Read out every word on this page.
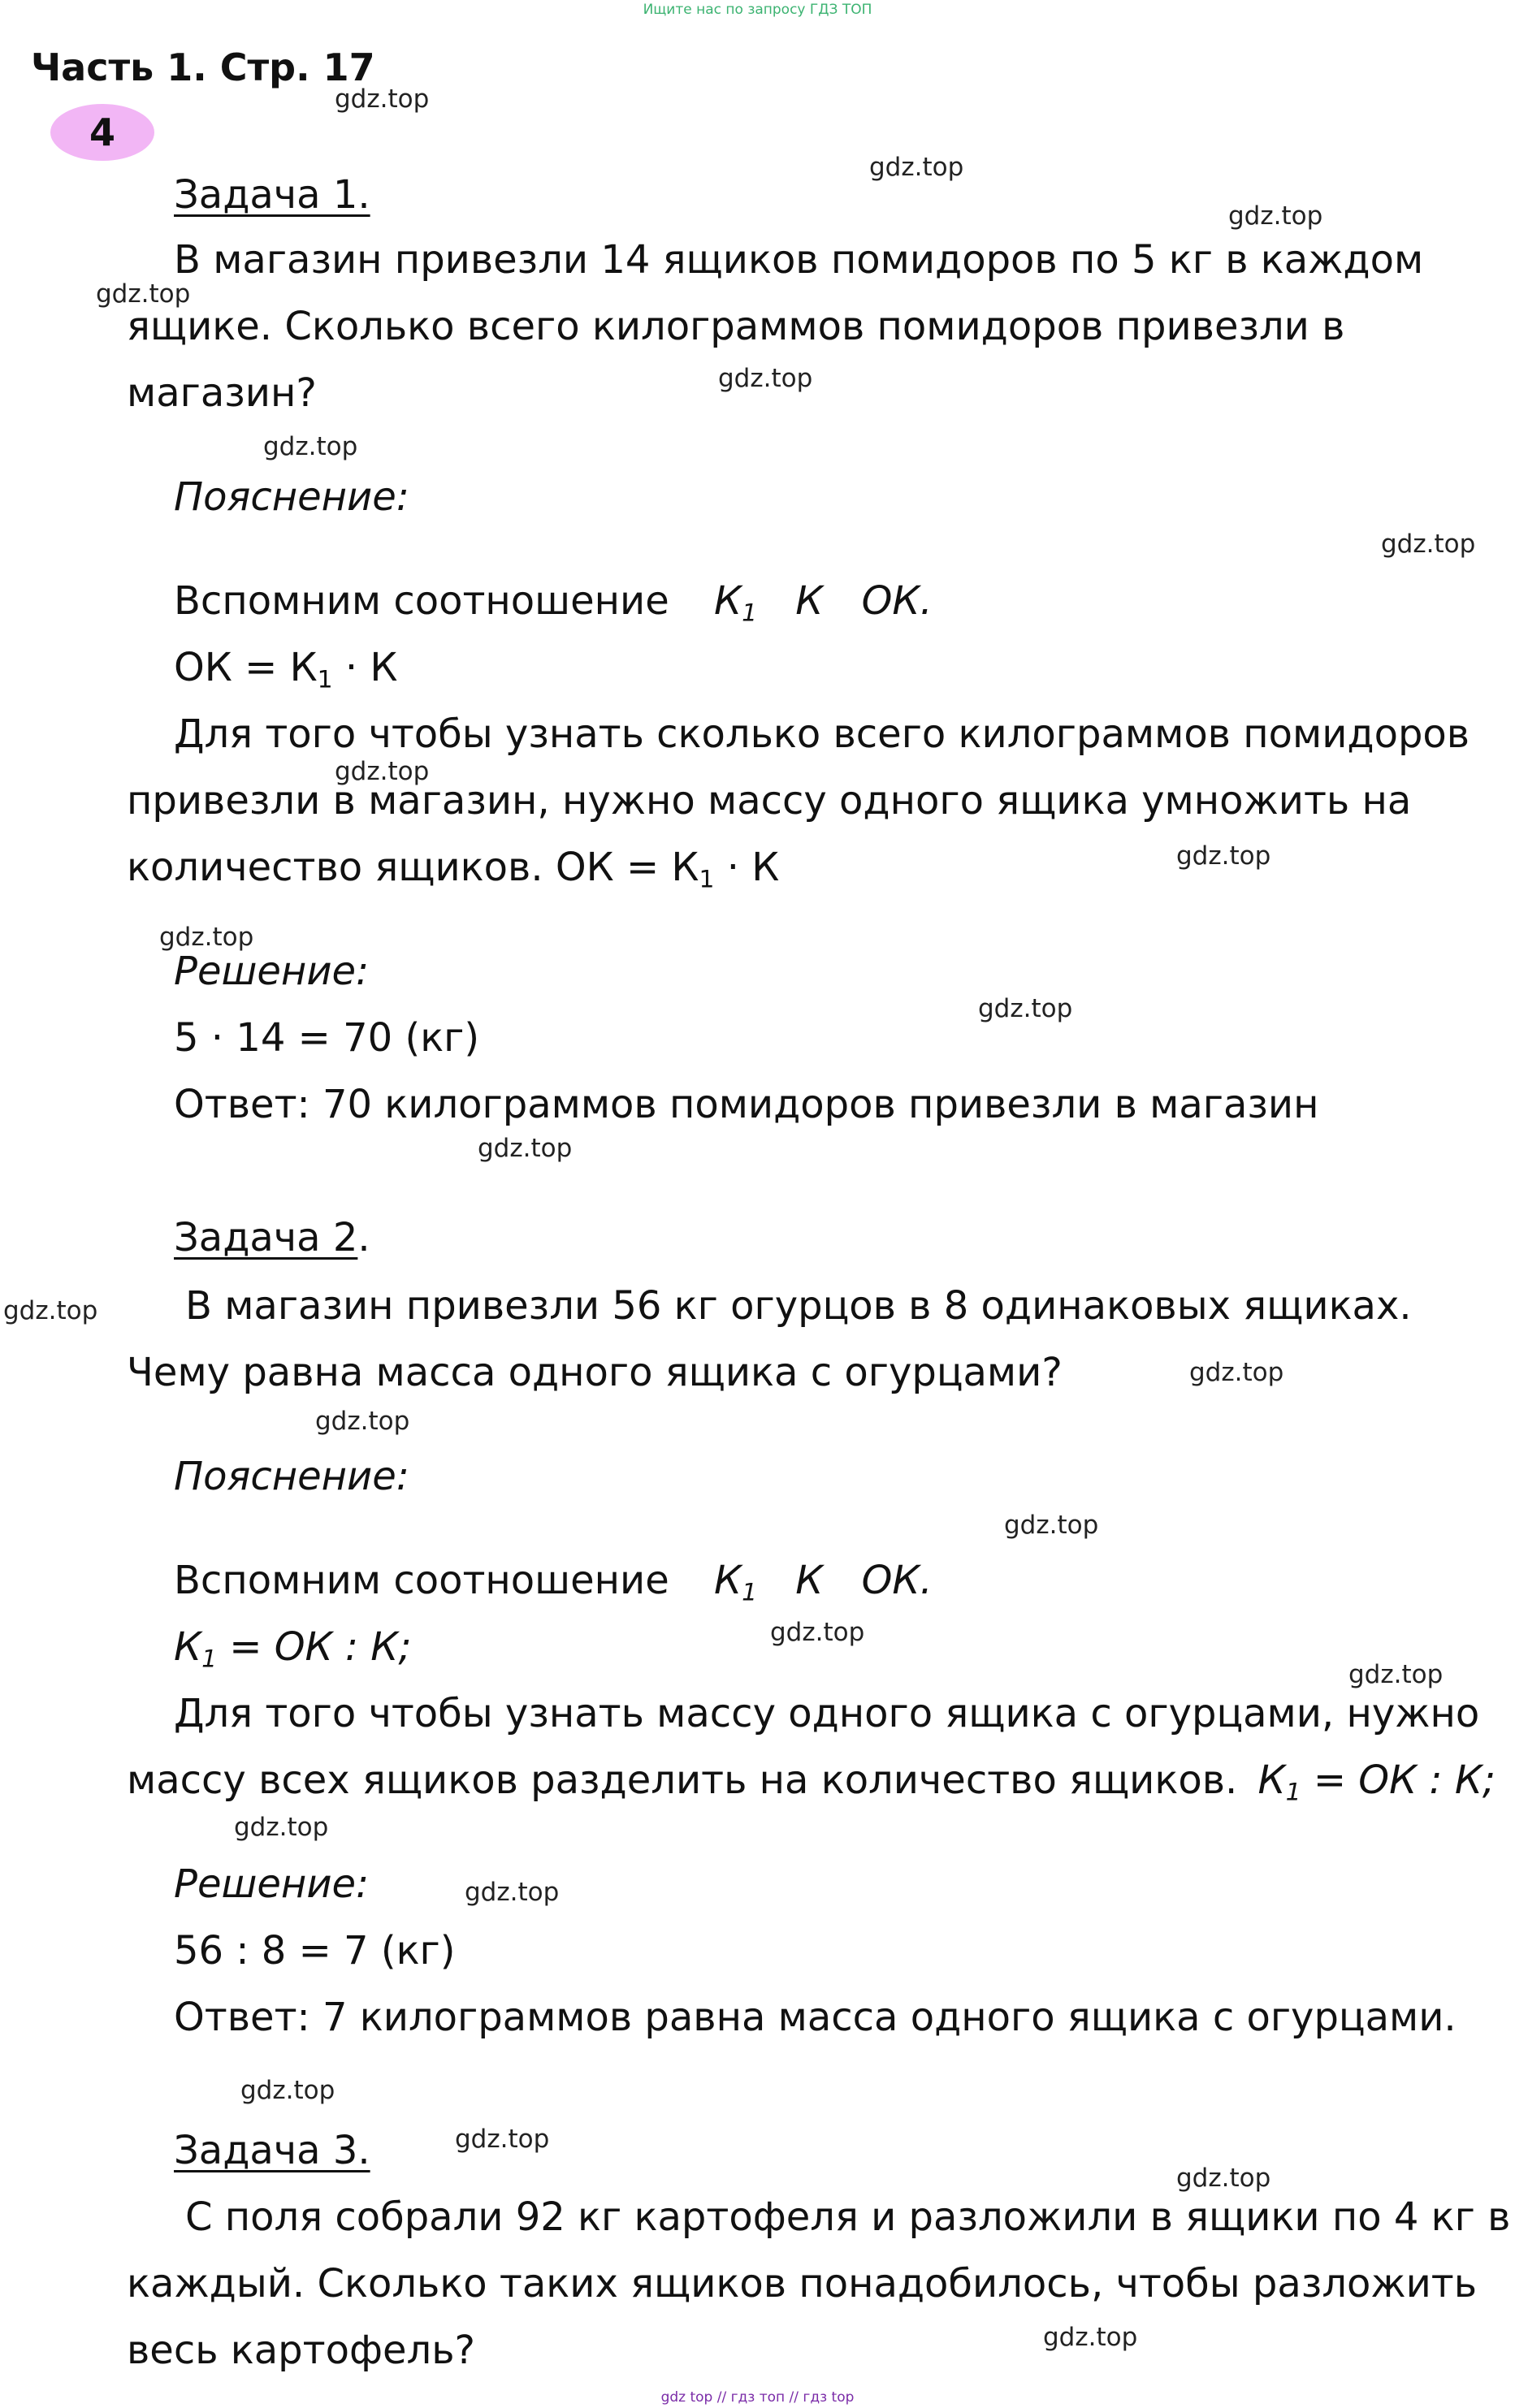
Ищите нас по запросу ГДЗ ТОП
Часть 1. Стр. 17
4
Задача 1.
В магазин привезли 14 ящиков помидоров по 5 кг в каждом
ящике. Сколько всего килограммов помидоров привезли в
магазин?
Пояснение:
Вспомним соотношение $К_1$ К ОК.
ОК = $К_1 \cdot К$
Для того чтобы узнать сколько всего килограммов помидоров
привезли в магазин, нужно массу одного ящика умножить на
количество ящиков. ОК = $К_1 \cdot К$
Решение:
5 · 14 = 70 (кг)
Ответ: 70 килограммов помидоров привезли в магазин
Задача 2.
В магазин привезли 56 кг огурцов в 8 одинаковых ящиках.
Чему равна масса одного ящика с огурцами?
Пояснение:
Вспомним соотношение $К_1$ К ОК.
$К_1$ = ОК : К;
Для того чтобы узнать массу одного ящика с огурцами, нужно
массу всех ящиков разделить на количество ящиков. $К_1$ = ОК : К;
Решение:
56 : 8 = 7 (кг)
Ответ: 7 килограммов равна масса одного ящика с огурцами.
Задача 3.
С поля собрали 92 кг картофеля и разложили в ящики по 4 кг в
каждый. Сколько таких ящиков понадобилось, чтобы разложить
весь картофель?
gdz.top
gdz.top
gdz.top
gdz.top
gdz.top
gdz.top
gdz.top
gdz.top
gdz.top
gdz.top
gdz.top
gdz.top
gdz.top
gdz.top
gdz.top
gdz.top
gdz.top
gdz.top
gdz.top
gdz.top
gdz.top
gdz.top
gdz.top
gdz.top
gdz top // гдз топ // гдз top
